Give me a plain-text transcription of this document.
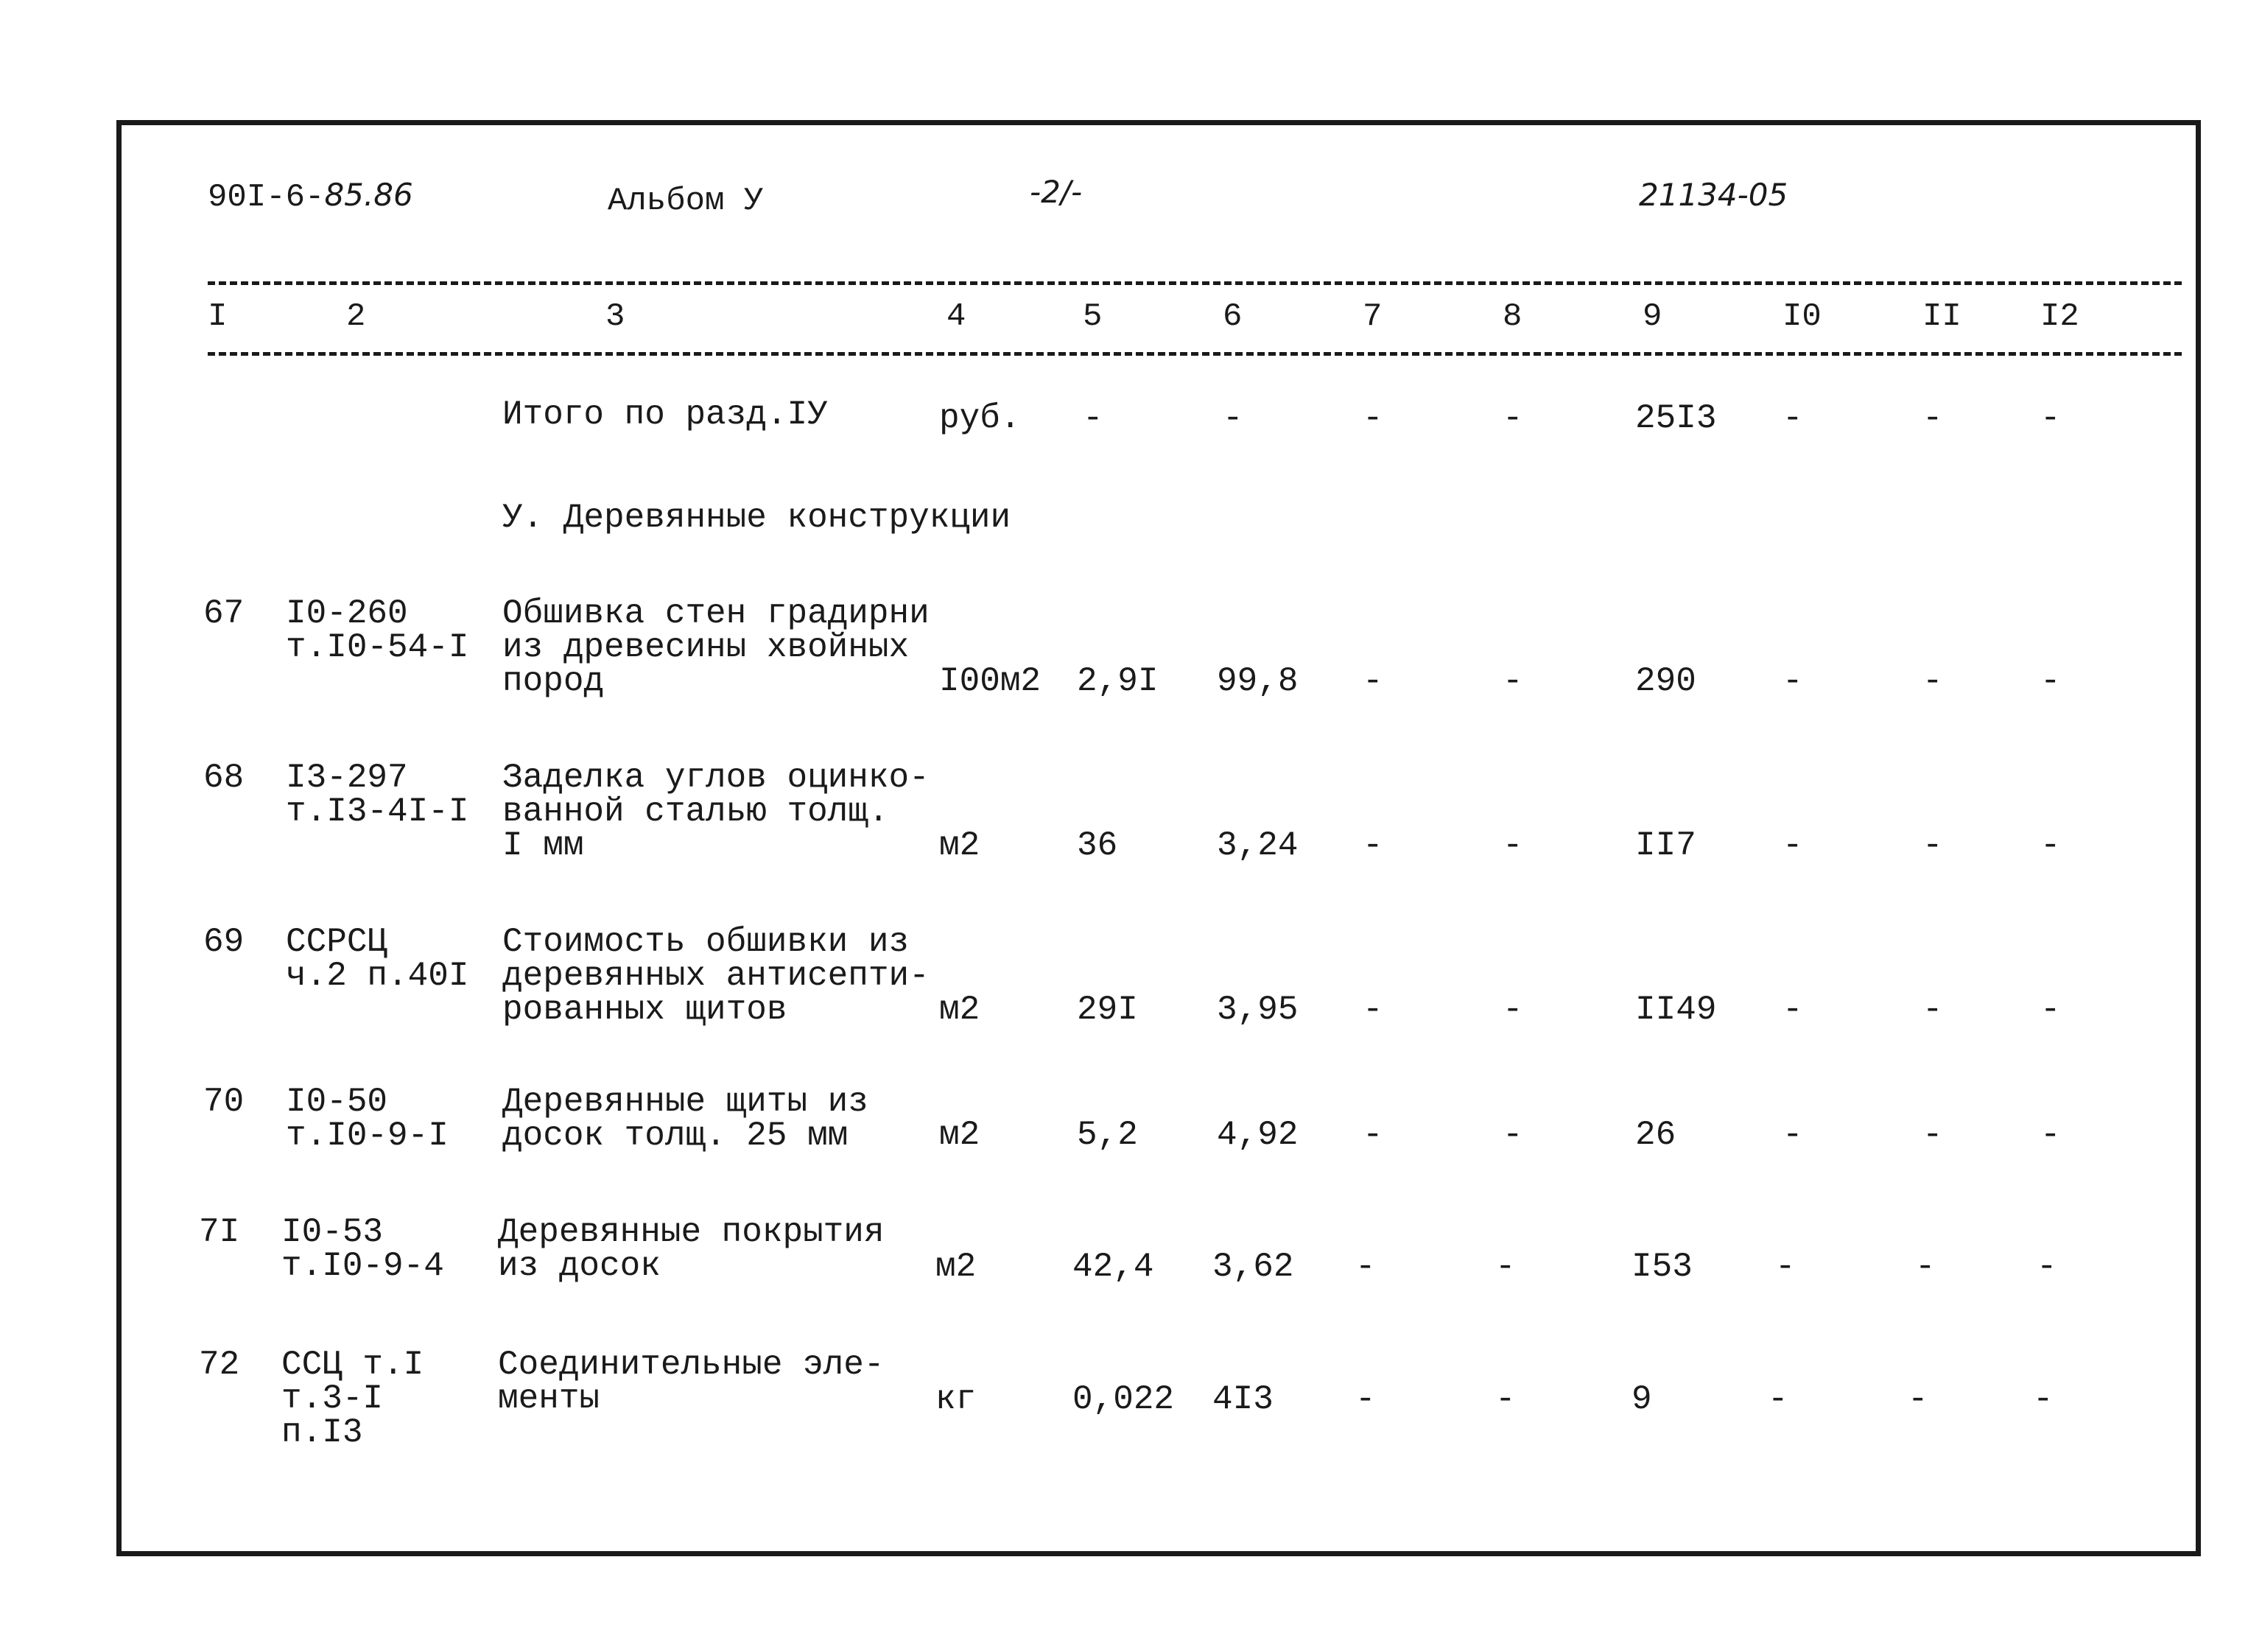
90I-6-85.86	Альбом У	-2/-	21134-05
I	2	3	4	5	6	7	8	9	I0	II I2
Итого по разд.IУ	руб. -	-	-	-	25I3 -	-	-
У. Деревянные конструкции
67 I0-260
т.I0-54-I
Обшивка стен градирни
из древесины хвойных
пород	I00м2 2,9I 99,8 -	-	290	-	-	-
68 I3-297
т.I3-4I-I
Заделка углов оцинко-
ванной сталью толщ.
I мм	м2	36	3,24 -	-	II7	-	-	-
69 ССРСЦ
ч.2 п.40I
Стоимость обшивки из
деревянных антисепти-
рованных щитов	м2	29I 3,95 -	-	II49 -	-	-
70 I0-50
т.I0-9-I
Деревянные щиты из
досок толщ. 25 мм	м2	5,2 4,92 -	-	26	-	-	-
7I I0-53
т.I0-9-4
Деревянные покрытия
из досок	м2	42,4 3,62 -	-	I53 -	-	-
72 ССЦ т.I
т.3-I
п.I3
Соединительные эле-
менты	кг	0,022 4I3 -	-	9	-	-	-
